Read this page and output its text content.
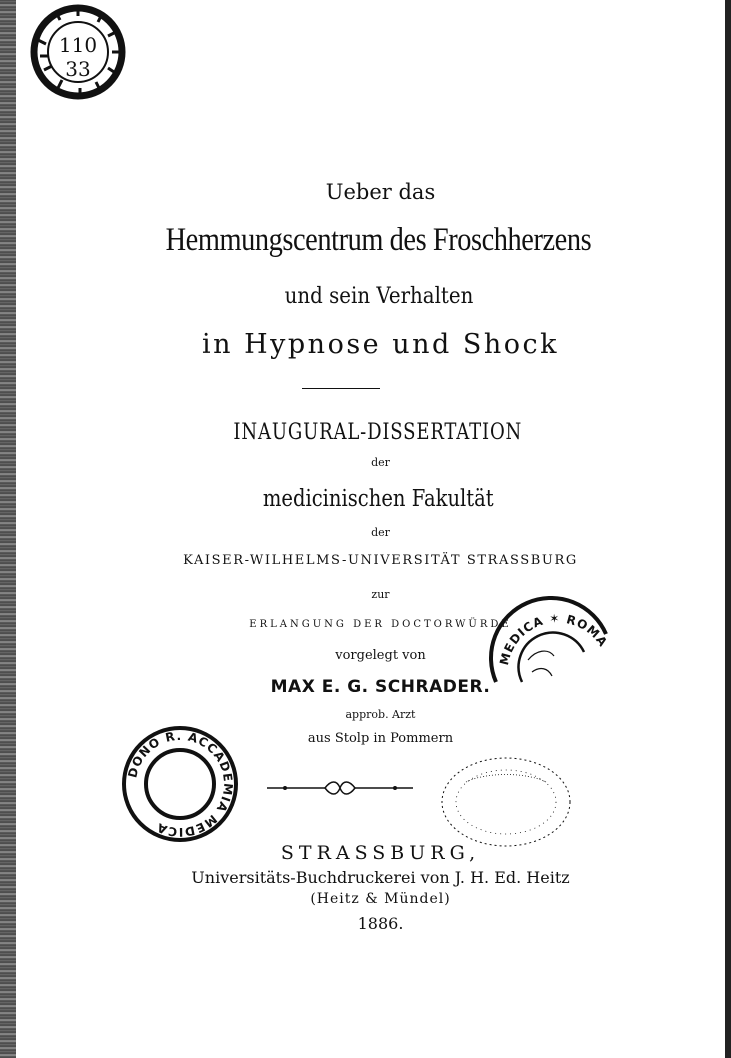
110
33
Ueber das
Hemmungscentrum des Froschherzens
und sein Verhalten
in Hypnose und Shock
INAUGURAL-DISSERTATION
der
medicinischen Fakultät
der
KAISER-WILHELMS-UNIVERSITÄT STRASSBURG
zur
ERLANGUNG DER DOCTORWÜRDE
vorgelegt von
MAX E. G. SCHRADER.
approb. Arzt
aus Stolp in Pommern
STRASSBURG,
Universitäts-Buchdruckerei von J. H. Ed. Heitz
(Heitz & Mündel)
1886.
DONO R. ACCADEMIA MEDICA
MEDICA ✶ ROMA
